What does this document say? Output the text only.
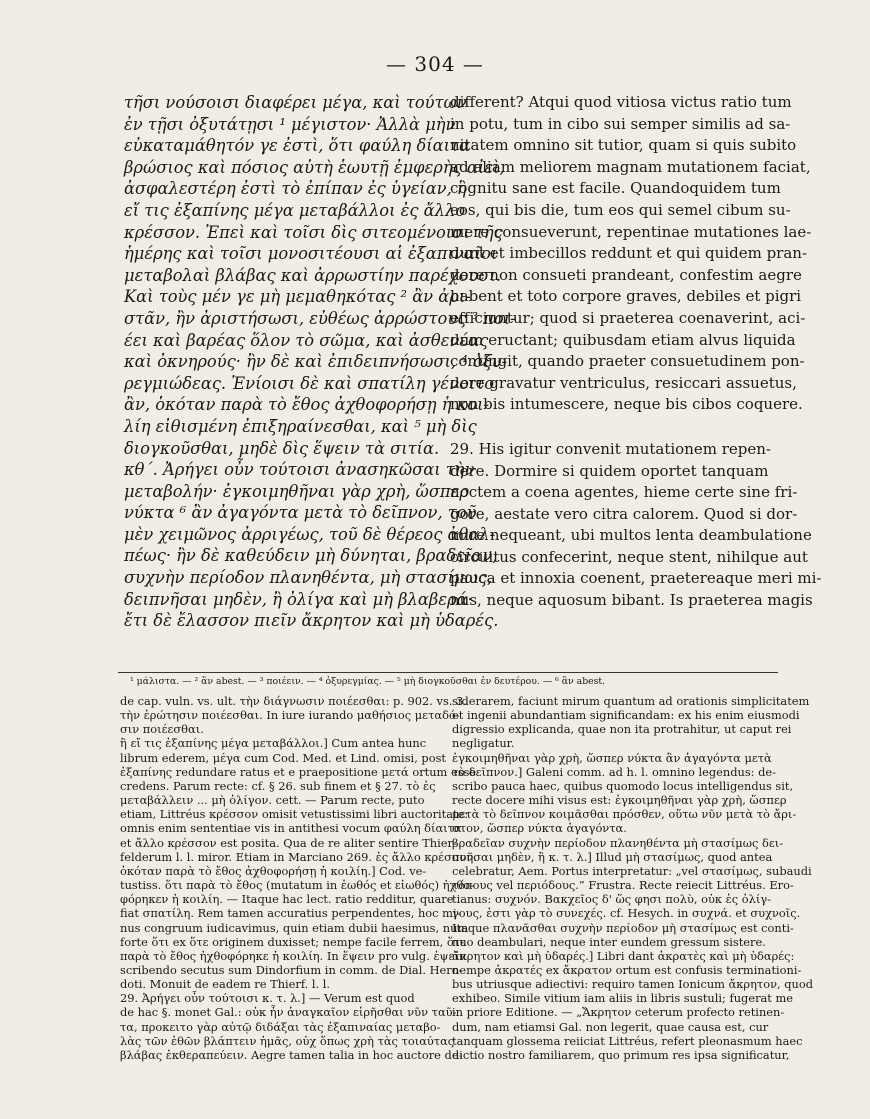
— 304 —
τῆσι νούσοισι διαφέρει μέγα, καὶ τούτων
ἐν τῇσι ὀξυτάτῃσι ¹ μέγιστον· Ἀλλὰ μὴν
εὐκαταμάθητόν γε ἐστὶ, ὅτι φαύλη δίαιτα
βρώσιος καὶ πόσιος αὐτὴ ἑωυτῇ ἐμφερὴς αἰεὶ,
ἀσφαλεστέρη ἐστὶ τὸ ἐπίπαν ἐς ὑγείαν, ἢ
εἴ τις ἐξαπίνης μέγα μεταβάλλοι ἐς ἄλλο
κρέσσον. Ἐπεὶ καὶ τοῖσι δὶς σιτεομένοισι τῆς
ἡμέρης καὶ τοῖσι μονοσιτέουσι αἱ ἐξαπιναῖοι
μεταβολαὶ βλάβας καὶ ἀρρωστίην παρέχουσι.
Καὶ τοὺς μέν γε μὴ μεμαθηκότας ² ἂν ἀρι-
στᾶν, ἢν ἀριστήσωσι, εὐθέως ἀρρώστους ³ ποι-
έει καὶ βαρέας ὅλον τὸ σῶμα, καὶ ἀσθενέας
καὶ ὀκνηρούς· ἢν δὲ καὶ ἐπιδειπνήσωσι, ⁴ ὀξυ-
ρεγμιώδεας. Ἐνίοισι δὲ καὶ σπατίλη γένοιτο
ἂν, ὁκόταν παρὰ τὸ ἔθος ἀχθοφορήσῃ ἡ κοι-
λίη εἰθισμένη ἐπιξηραίνεσθαι, καὶ ⁵ μὴ δὶς
διογκοῦσθαι, μηδὲ δὶς ἕψειν τὰ σιτία.
κθ΄. Ἀρήγει οὖν τούτοισι ἀνασηκῶσαι τὴν
μεταβολήν· ἐγκοιμηθῆναι γὰρ χρὴ, ὥσπερ
νύκτα ⁶ ἂν ἀγαγόντα μετὰ τὸ δεῖπνον, τοῦ
μὲν χειμῶνος ἀρριγέως, τοῦ δὲ θέρεος ἀθαλ-
πέως· ἢν δὲ καθεύδειν μὴ δύνηται, βραδεῖαν,
συχνὴν περίοδον πλανηθέντα, μὴ στασίμως,
δειπνῆσαι μηδὲν, ἢ ὀλίγα καὶ μὴ βλαβερά·
ἔτι δὲ ἔλασσον πιεῖν ἄκρητον καὶ μὴ ὑδαρές.
different? Atqui quod vitiosa victus ratio tum
in potu, tum in cibo sui semper similis ad sa-
nitatem omnino sit tutior, quam si quis subito
ad aliam meliorem magnam mutationem faciat,
cognitu sane est facile. Quandoquidem tum
eos, qui bis die, tum eos qui semel cibum su-
mere consueverunt, repentinae mutationes lae-
dunt et imbecillos reddunt et qui quidem pran-
dere non consueti prandeant, confestim aegre
habent et toto corpore graves, debiles et pigri
efficiuntur; quod si praeterea coenaverint, aci-
dum eructant; quibusdam etiam alvus liquida
contingit, quando praeter consuetudinem pon-
dere gravatur ventriculus, resiccari assuetus,
non bis intumescere, neque bis cibos coquere.
29. His igitur convenit mutationem repen-
dere. Dormire si quidem oportet tanquam
noctem a coena agentes, hieme certe sine fri-
gore, aestate vero citra calorem. Quod si dor-
mire nequeant, ubi multos lenta deambulatione
circuitus confecerint, neque stent, nihilque aut
pauca et innoxia coenent, praetereaque meri mi-
nus, neque aquosum bibant. Is praeterea magis
¹ μάλιστα. — ² ἂν abest. — ³ ποιέειν. — ⁴ ὀξυρεγμίας. — ⁵ μὴ διογκοῦσθαι ἐν δευτέρου. — ⁶ ἂν abest.
de cap. vuln. vs. ult. τὴν διάγνωσιν ποιέεσθαι: p. 902. vs. 3.
τὴν ἐρώτησιν ποιέεσθαι. In iure iurando μαθήσιος μεταδό-
σιν ποιέεσθαι.
ἢ εἴ τις ἐξαπίνης μέγα μεταβάλλοι.] Cum antea hunc
librum ederem, μέγα cum Cod. Med. et Lind. omisi, post
ἐξαπίνης redundare ratus et e praepositione μετά ortum esse
credens. Parum recte: cf. § 26. sub finem et § 27. τὸ ἐς
μεταβάλλειν ... μὴ ὀλίγον. cett. — Parum recte, puto
etiam, Littréus κρέσσον omisit vetustissimi libri auctoritate:
omnis enim sententiae vis in antithesi vocum φαύλη δίαιτα
et ἄλλο κρέσσον est posita. Qua de re aliter sentire Thier-
felderum l. l. miror. Etiam in Marciano 269. ἐς ἄλλο κρέσσον.
ὁκόταν παρὰ τὸ ἔθος ἀχθοφορήσῃ ἡ κοιλίη.] Cod. ve-
tustiss. ὅτι παρὰ τὸ ἔθος (mutatum in ἐωθός et εἰωθός) ἠχθο-
φόρηκεν ἡ κοιλίη. — Itaque hac lect. ratio redditur, quare
fiat σπατίλη. Rem tamen accuratius perpendentes, hoc mi-
nus congruum iudicavimus, quin etiam dubii haesimus, num
forte ὅτι ex ὅτε originem duxisset; nempe facile ferrem, ὅτε
παρὰ τὸ ἔθος ἠχθοφόρηκε ἡ κοιλίη. In ἕψειν pro vulg. ἑψεῖν
scribendo secutus sum Dindorfium in comm. de Dial. Hero-
doti. Monuit de eadem re Thierf. l. l.
29. Ἀρήγει οὖν τούτοισι κ. τ. λ.] — Verum est quod
de hac §. monet Gal.: οὐκ ἦν ἀναγκαῖον εἰρῆσθαι νῦν ταῦ-
τα, προκειτο γὰρ αὐτῷ διδάξαι τὰς ἐξαπιναίας μεταβο-
λὰς τῶν ἐθῶν βλάπτειν ἡμᾶς, οὐχ ὅπως χρὴ τὰς τοιαύτας
βλάβας ἐκθεραπεύειν. Aegre tamen talia in hoc auctore de-
siderarem, faciunt mirum quantum ad orationis simplicitatem
et ingenii abundantiam significandam: ex his enim eiusmodi
digressio explicanda, quae non ita protrahitur, ut caput rei
negligatur.
ἐγκοιμηθῆναι γὰρ χρὴ, ὥσπερ νύκτα ἂν ἀγαγόντα μετὰ
τὸ δεῖπνον.] Galeni comm. ad h. l. omnino legendus: de-
scribo pauca haec, quibus quomodo locus intelligendus sit,
recte docere mihi visus est: ἐγκοιμηθῆναι γὰρ χρὴ, ὥσπερ
μετὰ τὸ δεῖπνον κοιμᾶσθαι πρόσθεν, οὕτω νῦν μετὰ τὸ ἄρι-
στον, ὥσπερ νύκτα ἀγαγόντα.
βραδεῖαν συχνὴν περίοδον πλανηθέντα μὴ στασίμως δει-
πνῆσαι μηδὲν, ἢ κ. τ. λ.] Illud μὴ στασίμως, quod antea
celebratur, Aem. Portus interpretatur: „vel στασίμως, subaudi
τόπους vel περιόδους.” Frustra. Recte reiecit Littréus. Ero-
tianus: συχνόν. Βακχεῖος δ' ὥς φησι πολὺ, οὐκ ἐς ὀλίγ-
γους, ἐστι γὰρ τὸ συνεχές. cf. Hesych. in συχνά. et συχνοῖς.
Itaque πλανᾶσθαι συχνὴν περίοδον μὴ στασίμως est conti-
nuo deambulari, neque inter eundem gressum sistere.
ἄκρητον καὶ μὴ ὑδαρές.] Libri dant ἀκρατὲς καὶ μὴ ὑδαρές:
nempe ἀκρατές ex ἄκρατον ortum est confusis terminationi-
bus utriusque adiectivi: requiro tamen Ionicum ἄκρητον, quod
exhibeo. Simile vitium iam aliis in libris sustuli; fugerat me
in priore Editione. — „Ἄκρητον ceterum profecto retinen-
dum, nam etiamsi Gal. non legerit, quae causa est, cur
tanquam glossema reiiciat Littréus, refert pleonasmum haec
dictio nostro familiarem, quo primum res ipsa significatur,
